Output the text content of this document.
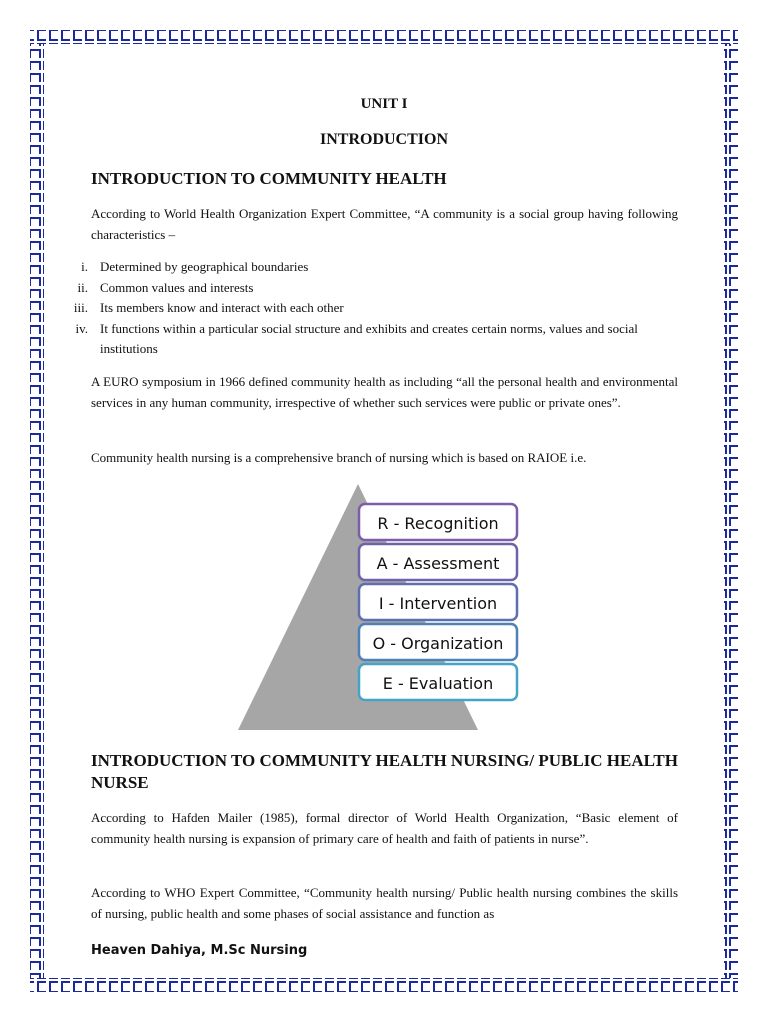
UNIT I
INTRODUCTION
INTRODUCTION TO COMMUNITY HEALTH
According to World Health Organization Expert Committee, “A community is a social group having following characteristics –
i. Determined by geographical boundaries
ii. Common values and interests
iii. Its members know and interact with each other
iv. It functions within a particular social structure and exhibits and creates certain norms, values and social institutions
A EURO symposium in 1966 defined community health as including “all the personal health and environmental services in any human community, irrespective of whether such services were public or private ones”.
Community health nursing is a comprehensive branch of nursing which is based on RAIOE i.e.
R - Recognition
A - Assessment
I - Intervention
O - Organization
E - Evaluation
INTRODUCTION TO COMMUNITY HEALTH NURSING/ PUBLIC HEALTH NURSE
According to Hafden Mailer (1985), formal director of World Health Organization, “Basic element of community health nursing is expansion of primary care of health and faith of patients in nurse”.
According to WHO Expert Committee, “Community health nursing/ Public health nursing combines the skills of nursing, public health and some phases of social assistance and function as
Heaven Dahiya, M.Sc Nursing
